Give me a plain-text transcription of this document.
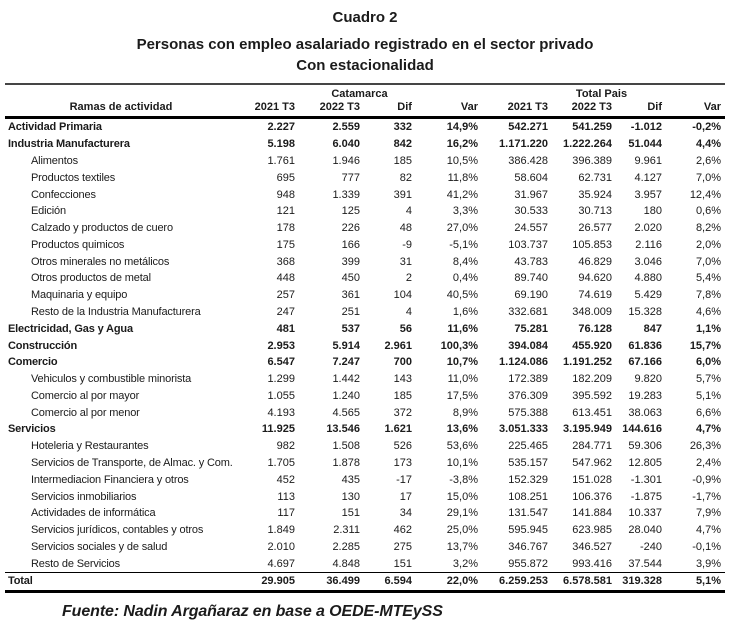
Cuadro 2
Personas con empleo asalariado registrado en el sector privado
Con estacionalidad
	Catamarca				Total Pais			
Ramas de actividad	2021 T3	2022 T3	Dif	Var	2021 T3	2022 T3	Dif	Var
Actividad Primaria	2.227	2.559	332	14,9%	542.271	541.259	-1.012	-0,2%
Industria Manufacturera	5.198	6.040	842	16,2%	1.171.220	1.222.264	51.044	4,4%
Alimentos	1.761	1.946	185	10,5%	386.428	396.389	9.961	2,6%
Productos textiles	695	777	82	11,8%	58.604	62.731	4.127	7,0%
Confecciones	948	1.339	391	41,2%	31.967	35.924	3.957	12,4%
Edición	121	125	4	3,3%	30.533	30.713	180	0,6%
Calzado y productos de cuero	178	226	48	27,0%	24.557	26.577	2.020	8,2%
Productos quimicos	175	166	-9	-5,1%	103.737	105.853	2.116	2,0%
Otros minerales no metálicos	368	399	31	8,4%	43.783	46.829	3.046	7,0%
Otros productos de metal	448	450	2	0,4%	89.740	94.620	4.880	5,4%
Maquinaria y equipo	257	361	104	40,5%	69.190	74.619	5.429	7,8%
Resto de la Industria Manufacturera	247	251	4	1,6%	332.681	348.009	15.328	4,6%
Electricidad, Gas y Agua	481	537	56	11,6%	75.281	76.128	847	1,1%
Construcción	2.953	5.914	2.961	100,3%	394.084	455.920	61.836	15,7%
Comercio	6.547	7.247	700	10,7%	1.124.086	1.191.252	67.166	6,0%
Vehiculos y combustible minorista	1.299	1.442	143	11,0%	172.389	182.209	9.820	5,7%
Comercio al por mayor	1.055	1.240	185	17,5%	376.309	395.592	19.283	5,1%
Comercio al por menor	4.193	4.565	372	8,9%	575.388	613.451	38.063	6,6%
Servicios	11.925	13.546	1.621	13,6%	3.051.333	3.195.949	144.616	4,7%
Hoteleria y Restaurantes	982	1.508	526	53,6%	225.465	284.771	59.306	26,3%
Servicios de Transporte, de Almac. y Com.	1.705	1.878	173	10,1%	535.157	547.962	12.805	2,4%
Intermediacion Financiera y otros	452	435	-17	-3,8%	152.329	151.028	-1.301	-0,9%
Servicios inmobiliarios	113	130	17	15,0%	108.251	106.376	-1.875	-1,7%
Actividades de informática	117	151	34	29,1%	131.547	141.884	10.337	7,9%
Servicios jurídicos, contables y otros	1.849	2.311	462	25,0%	595.945	623.985	28.040	4,7%
Servicios sociales y de salud	2.010	2.285	275	13,7%	346.767	346.527	-240	-0,1%
Resto de Servicios	4.697	4.848	151	3,2%	955.872	993.416	37.544	3,9%
Total	29.905	36.499	6.594	22,0%	6.259.253	6.578.581	319.328	5,1%
Fuente: Nadin Argañaraz en base a OEDE-MTEySS
